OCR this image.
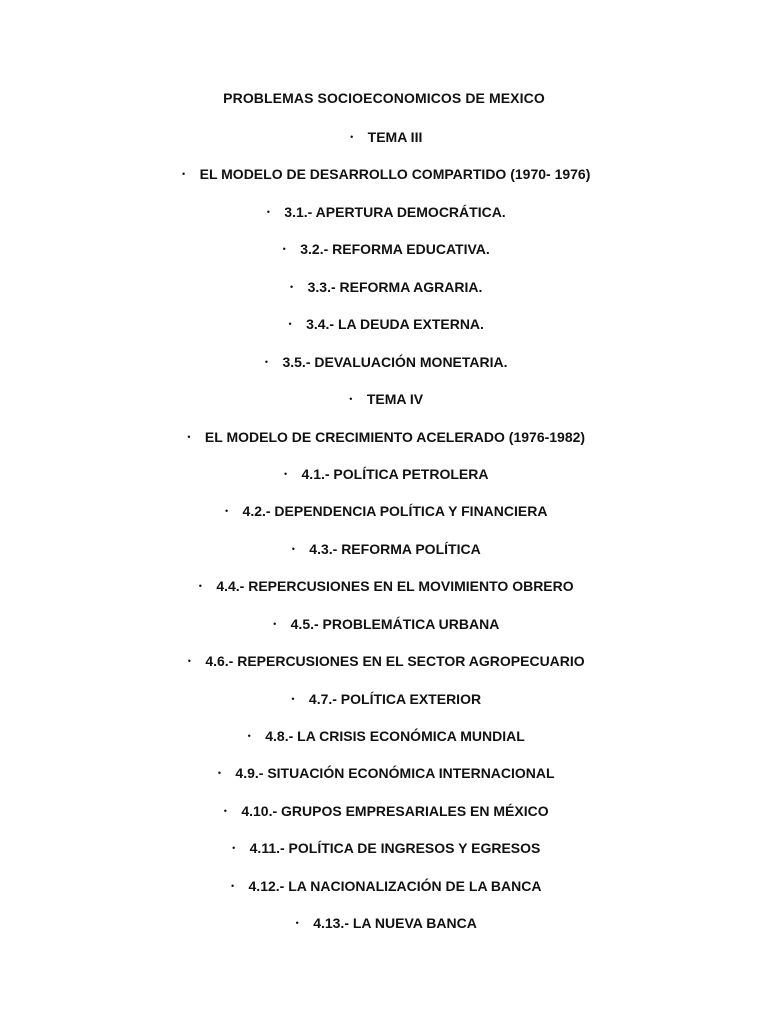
PROBLEMAS SOCIOECONOMICOS DE MEXICO
• TEMA III
• EL MODELO DE DESARROLLO COMPARTIDO (1970- 1976)
• 3.1.- APERTURA DEMOCRÁTICA.
• 3.2.- REFORMA EDUCATIVA.
• 3.3.- REFORMA AGRARIA.
• 3.4.- LA DEUDA EXTERNA.
• 3.5.- DEVALUACIÓN MONETARIA.
• TEMA IV
• EL MODELO DE CRECIMIENTO ACELERADO (1976-1982)
• 4.1.- POLÍTICA PETROLERA
• 4.2.- DEPENDENCIA POLÍTICA Y FINANCIERA
• 4.3.- REFORMA POLÍTICA
• 4.4.- REPERCUSIONES EN EL MOVIMIENTO OBRERO
• 4.5.- PROBLEMÁTICA URBANA
• 4.6.- REPERCUSIONES EN EL SECTOR AGROPECUARIO
• 4.7.- POLÍTICA EXTERIOR
• 4.8.- LA CRISIS ECONÓMICA MUNDIAL
• 4.9.- SITUACIÓN ECONÓMICA INTERNACIONAL
• 4.10.- GRUPOS EMPRESARIALES EN MÉXICO
• 4.11.- POLÍTICA DE INGRESOS Y EGRESOS
• 4.12.- LA NACIONALIZACIÓN DE LA BANCA
• 4.13.- LA NUEVA BANCA
